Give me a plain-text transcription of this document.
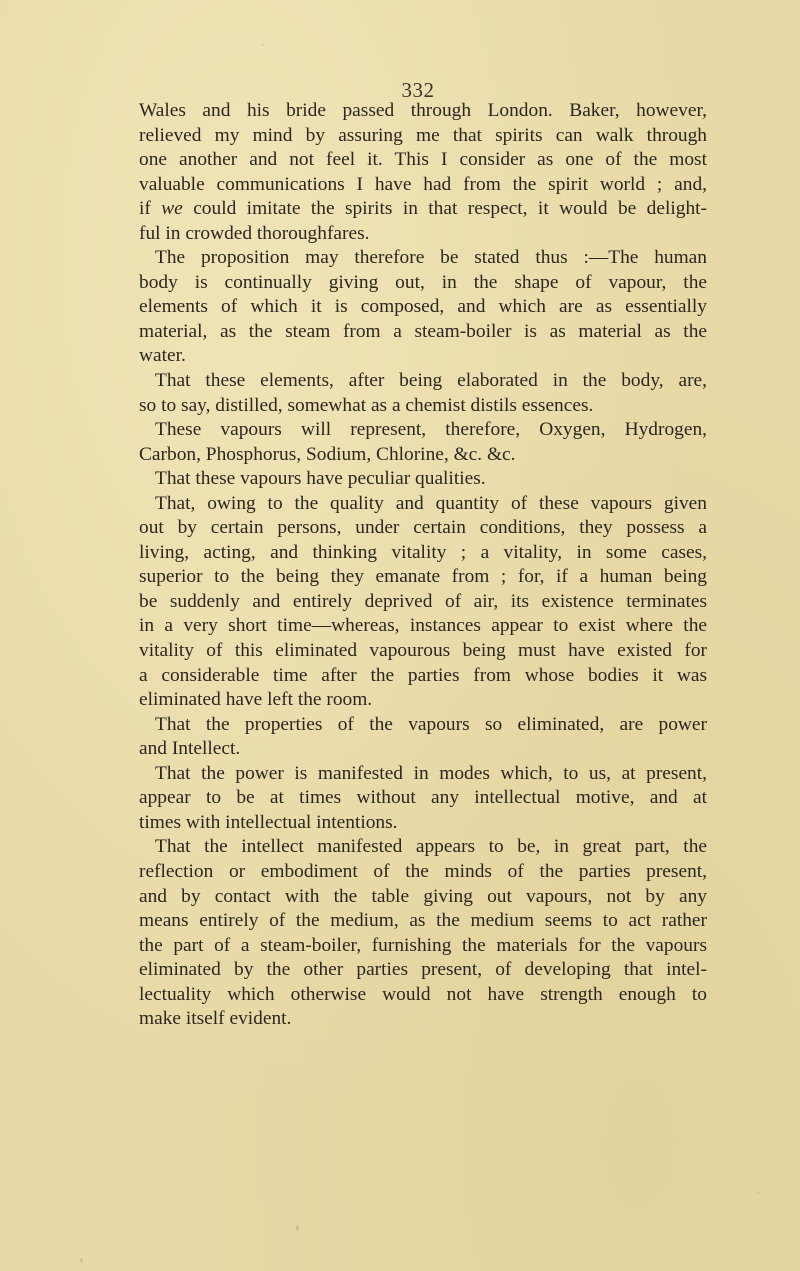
332
Wales and his bride passed through London. Baker, however,
relieved my mind by assuring me that spirits can walk through
one another and not feel it. This I consider as one of the most
valuable communications I have had from the spirit world ; and,
if we could imitate the spirits in that respect, it would be delight-
ful in crowded thoroughfares.
The proposition may therefore be stated thus :—The human
body is continually giving out, in the shape of vapour, the
elements of which it is composed, and which are as essentially
material, as the steam from a steam-boiler is as material as the
water.
That these elements, after being elaborated in the body, are,
so to say, distilled, somewhat as a chemist distils essences.
These vapours will represent, therefore, Oxygen, Hydrogen,
Carbon, Phosphorus, Sodium, Chlorine, &c. &c.
That these vapours have peculiar qualities.
That, owing to the quality and quantity of these vapours given
out by certain persons, under certain conditions, they possess a
living, acting, and thinking vitality ; a vitality, in some cases,
superior to the being they emanate from ; for, if a human being
be suddenly and entirely deprived of air, its existence terminates
in a very short time—whereas, instances appear to exist where the
vitality of this eliminated vapourous being must have existed for
a considerable time after the parties from whose bodies it was
eliminated have left the room.
That the properties of the vapours so eliminated, are power
and Intellect.
That the power is manifested in modes which, to us, at present,
appear to be at times without any intellectual motive, and at
times with intellectual intentions.
That the intellect manifested appears to be, in great part, the
reflection or embodiment of the minds of the parties present,
and by contact with the table giving out vapours, not by any
means entirely of the medium, as the medium seems to act rather
the part of a steam-boiler, furnishing the materials for the vapours
eliminated by the other parties present, of developing that intel-
lectuality which otherwise would not have strength enough to
make itself evident.
